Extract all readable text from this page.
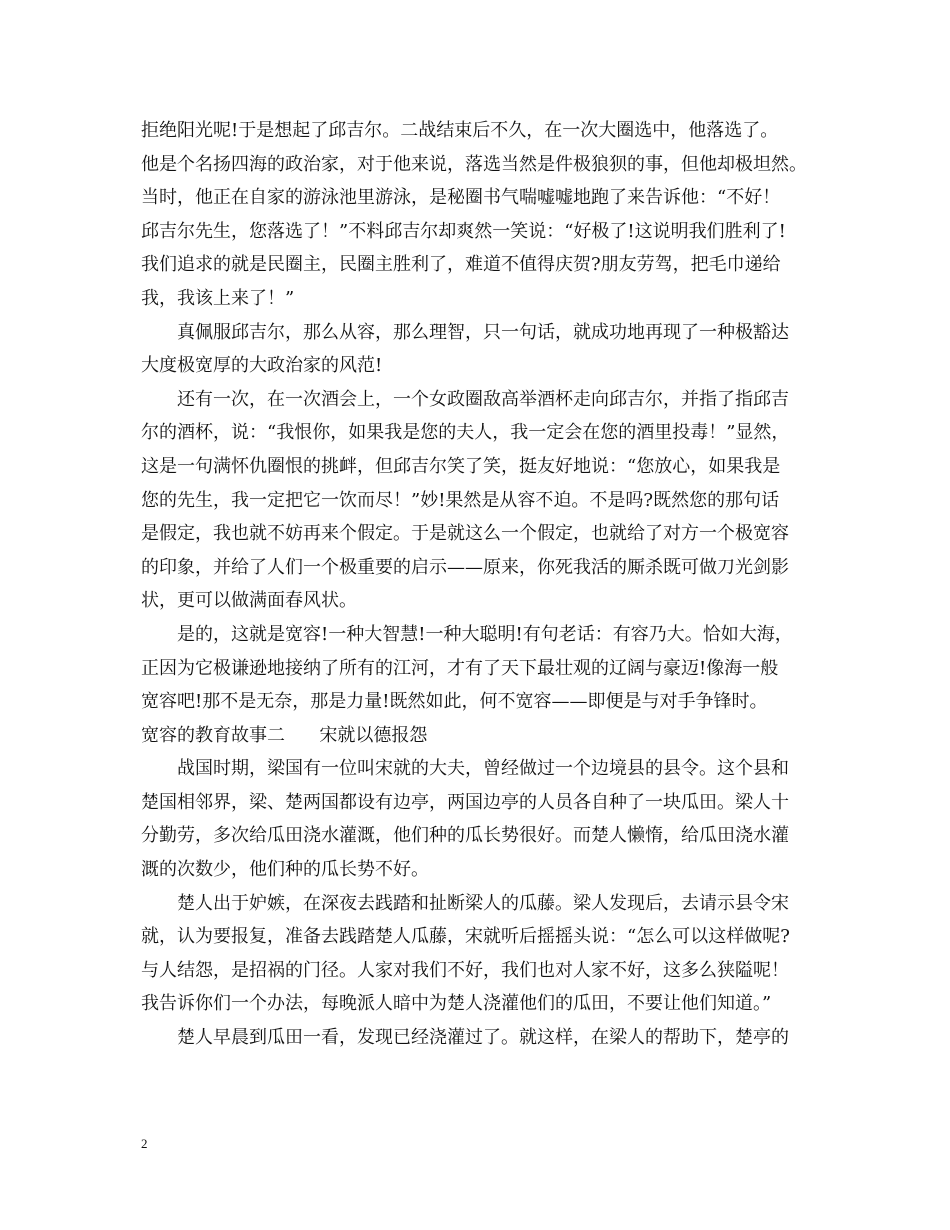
拒绝阳光呢!于是想起了邱吉尔。二战结束后不久，在一次大圈选中，他落选了。
他是个名扬四海的政治家，对于他来说，落选当然是件极狼狈的事，但他却极坦然。
当时，他正在自家的游泳池里游泳，是秘圈书气喘嘘嘘地跑了来告诉他：“不好！
邱吉尔先生，您落选了！”不料邱吉尔却爽然一笑说：“好极了!这说明我们胜利了!
我们追求的就是民圈主，民圈主胜利了，难道不值得庆贺?朋友劳驾，把毛巾递给
我，我该上来了！”

真佩服邱吉尔，那么从容，那么理智，只一句话，就成功地再现了一种极豁达
大度极宽厚的大政治家的风范!

还有一次，在一次酒会上，一个女政圈敌高举酒杯走向邱吉尔，并指了指邱吉
尔的酒杯，说：“我恨你，如果我是您的夫人，我一定会在您的酒里投毒！”显然，
这是一句满怀仇圈恨的挑衅，但邱吉尔笑了笑，挺友好地说：“您放心，如果我是
您的先生，我一定把它一饮而尽！”妙!果然是从容不迫。不是吗?既然您的那句话
是假定，我也就不妨再来个假定。于是就这么一个假定，也就给了对方一个极宽容
的印象，并给了人们一个极重要的启示——原来，你死我活的厮杀既可做刀光剑影
状，更可以做满面春风状。

是的，这就是宽容!一种大智慧!一种大聪明!有句老话：有容乃大。恰如大海，
正因为它极谦逊地接纳了所有的江河，才有了天下最壮观的辽阔与豪迈!像海一般
宽容吧!那不是无奈，那是力量!既然如此，何不宽容——即便是与对手争锋时。

宽容的教育故事二      宋就以德报怨

战国时期，梁国有一位叫宋就的大夫，曾经做过一个边境县的县令。这个县和
楚国相邻界，梁、楚两国都设有边亭，两国边亭的人员各自种了一块瓜田。梁人十
分勤劳，多次给瓜田浇水灌溉，他们种的瓜长势很好。而楚人懒惰，给瓜田浇水灌
溉的次数少，他们种的瓜长势不好。

楚人出于妒嫉，在深夜去践踏和扯断梁人的瓜藤。梁人发现后，去请示县令宋
就，认为要报复，准备去践踏楚人瓜藤，宋就听后摇摇头说：“怎么可以这样做呢?
与人结怨，是招祸的门径。人家对我们不好，我们也对人家不好，这多么狭隘呢！
我告诉你们一个办法，每晚派人暗中为楚人浇灌他们的瓜田，不要让他们知道。”

楚人早晨到瓜田一看，发现已经浇灌过了。就这样，在梁人的帮助下，楚亭的

2
